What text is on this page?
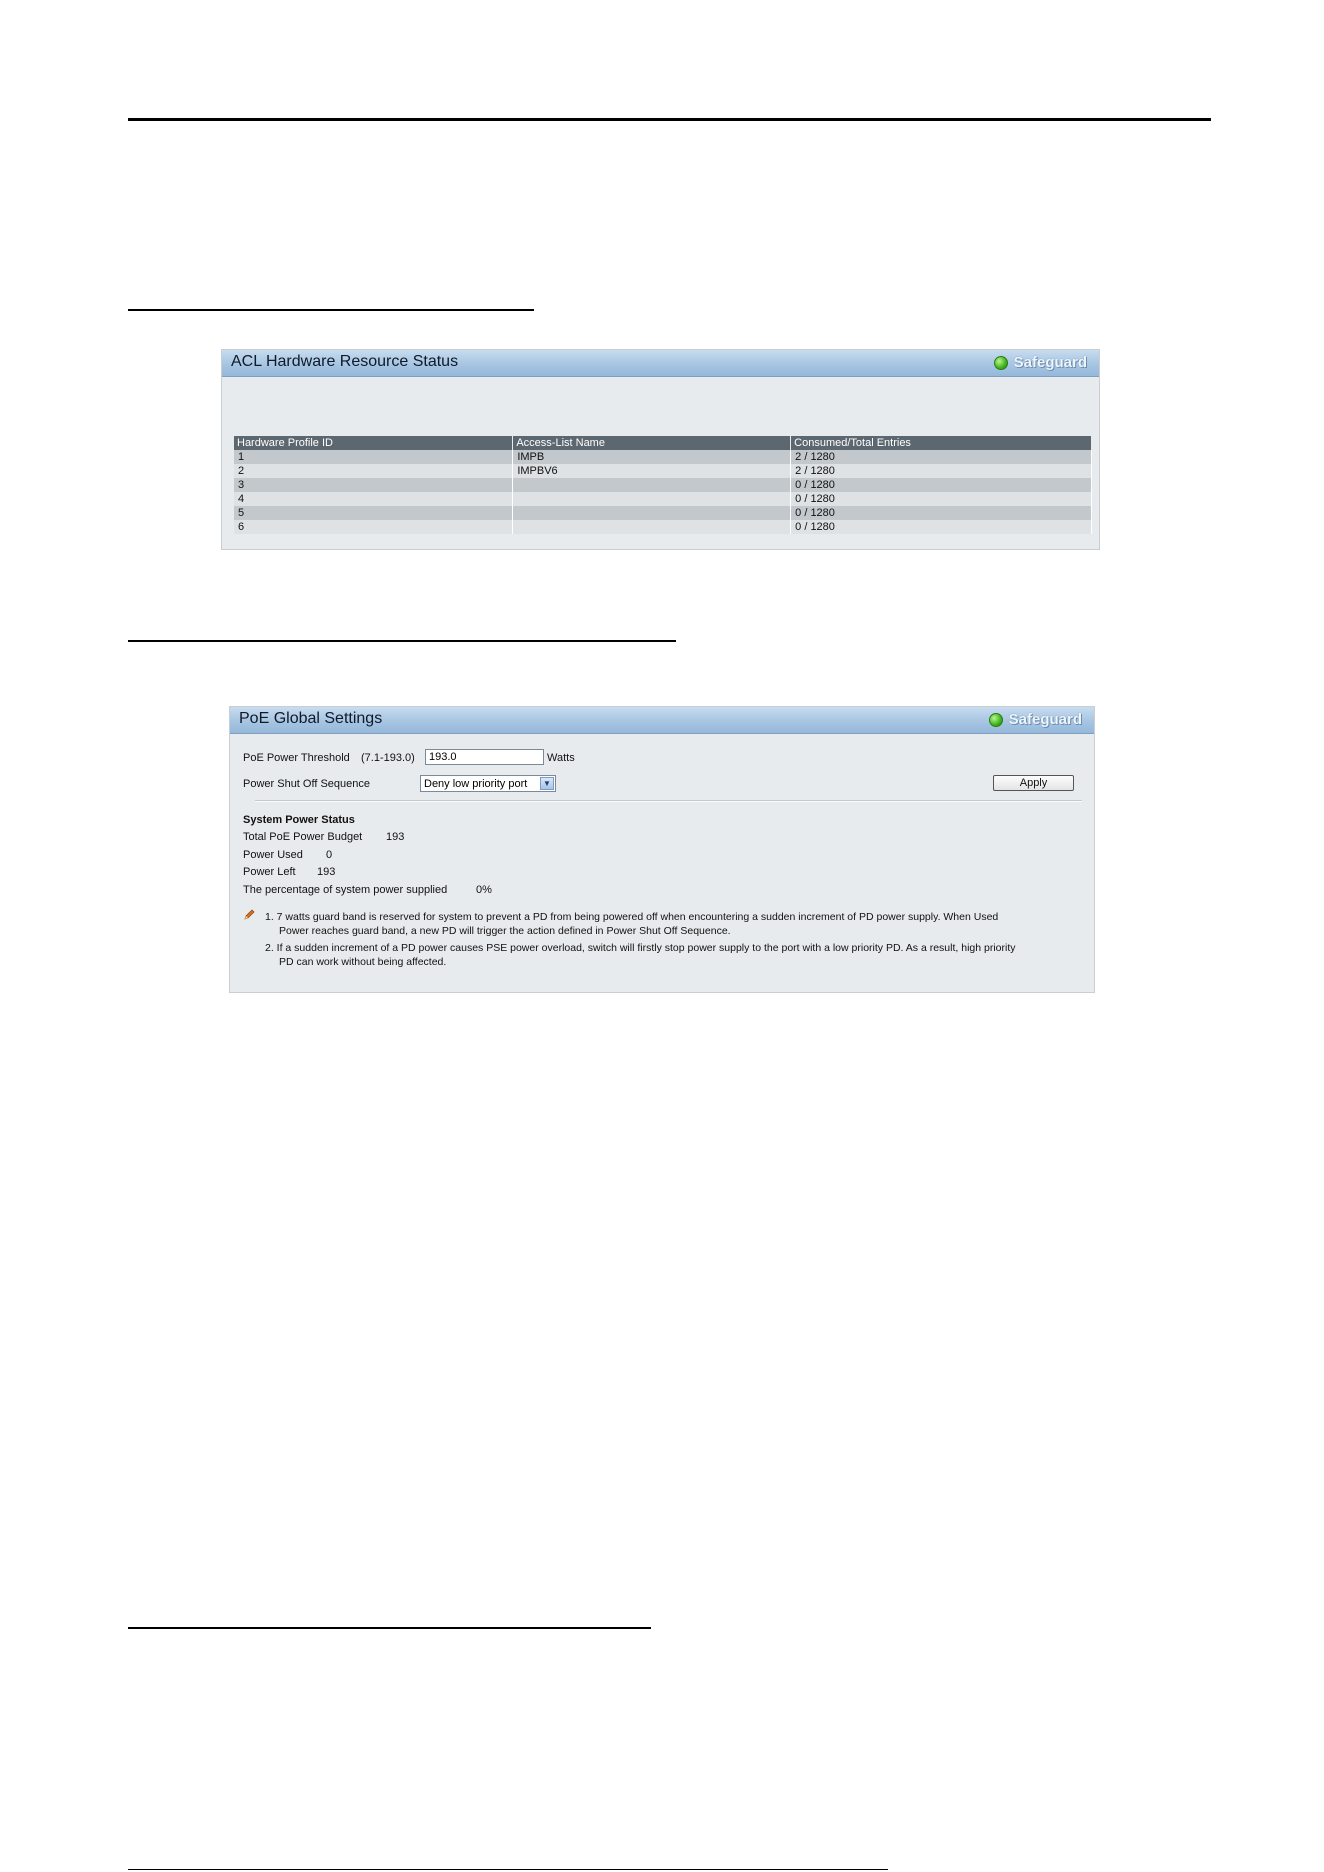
ACL Hardware Resource Status	Safeguard
Hardware Profile ID	Access-List Name	Consumed/Total Entries
1	IMPB	2 / 1280
2	IMPBV6	2 / 1280
3		0 / 1280
4		0 / 1280
5		0 / 1280
6		0 / 1280
PoE Global Settings	Safeguard
PoE Power Threshold (7.1-193.0)
193.0	Watts
Power Shut Off Sequence	Deny low priority port	▼	Apply
System Power Status
Total PoE Power Budget 193
Power Used 0
Power Left 193
The percentage of system power supplied	0%
1. 7 watts guard band is reserved for system to prevent a PD from being powered off when encountering a sudden increment of PD power supply. When Used
Power reaches guard band, a new PD will trigger the action defined in Power Shut Off Sequence.
2. If a sudden increment of a PD power causes PSE power overload, switch will firstly stop power supply to the port with a low priority PD. As a result, high priority
PD can work without being affected.
